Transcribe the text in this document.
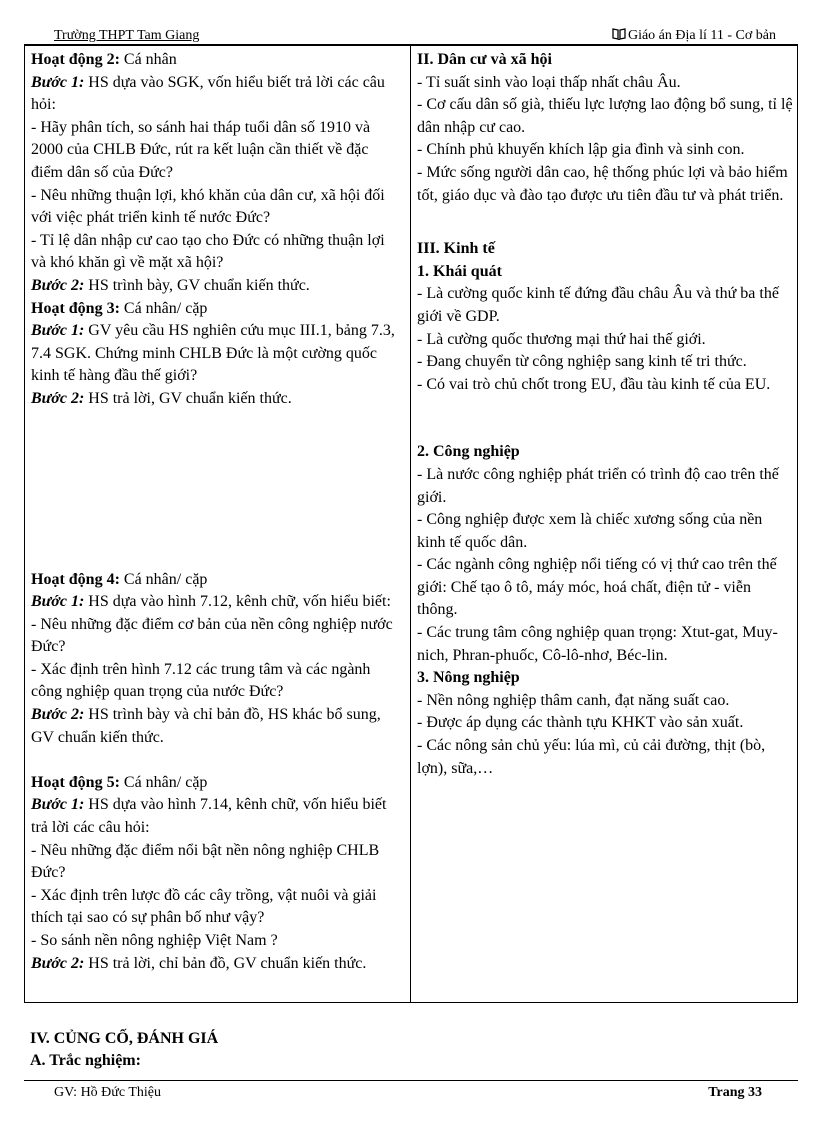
Trường THPT Tam Giang	Giáo án Địa lí 11 - Cơ bản

Hoạt động 2: Cá nhân

Bước 1: HS dựa vào SGK, vốn hiểu biết trả lời các câu hỏi:

- Hãy phân tích, so sánh hai tháp tuổi dân số 1910 và 2000 của CHLB Đức, rút ra kết luận cần thiết về đặc điểm dân số của Đức?

- Nêu những thuận lợi, khó khăn của dân cư, xã hội đối với việc phát triển kinh tế nước Đức?

- Tỉ lệ dân nhập cư cao tạo cho Đức có những thuận lợi và khó khăn gì về mặt xã hội?

Bước 2: HS trình bày, GV chuẩn kiến thức.

Hoạt động 3: Cá nhân/ cặp

Bước 1: GV yêu cầu HS nghiên cứu mục III.1, bảng 7.3, 7.4 SGK. Chứng minh CHLB Đức là một cường quốc kinh tế hàng đầu thế giới?

Bước 2: HS trả lời, GV chuẩn kiến thức.

Hoạt động 4: Cá nhân/ cặp

Bước 1: HS dựa vào hình 7.12, kênh chữ, vốn hiểu biết:

- Nêu những đặc điểm cơ bản của nền công nghiệp nước Đức?

- Xác định trên hình 7.12 các trung tâm và các ngành công nghiệp quan trọng của nước Đức?

Bước 2: HS trình bày và chỉ bản đồ, HS khác bổ sung, GV chuẩn kiến thức.

Hoạt động 5: Cá nhân/ cặp

Bước 1: HS dựa vào hình 7.14, kênh chữ, vốn hiểu biết trả lời các câu hỏi:

- Nêu những đặc điểm nổi bật nền nông nghiệp CHLB Đức?

- Xác định trên lược đồ các cây trồng, vật nuôi và giải thích tại sao có sự phân bố như vậy?

- So sánh nền nông nghiệp Việt Nam ?

Bước 2: HS trả lời, chỉ bản đồ, GV chuẩn kiến thức.

II. Dân cư và xã hội

- Tỉ suất sinh vào loại thấp nhất châu Âu.

- Cơ cấu dân số già, thiếu lực lượng lao động bổ sung, tỉ lệ dân nhập cư cao.

- Chính phủ khuyến khích lập gia đình và sinh con.

- Mức sống người dân cao, hệ thống phúc lợi và bảo hiểm tốt, giáo dục và đào tạo được ưu tiên đầu tư và phát triển.

III. Kinh tế

1. Khái quát

- Là cường quốc kinh tế đứng đầu châu Âu và thứ ba thế giới về GDP.

- Là cường quốc thương mại thứ hai thế giới.

- Đang chuyển từ công nghiệp sang kinh tế tri thức.

- Có vai trò chủ chốt trong EU, đầu tàu kinh tế của EU.

2. Công nghiệp

- Là nước công nghiệp phát triển có trình độ cao trên thế giới.

- Công nghiệp được xem là chiếc xương sống của nền kinh tế quốc dân.

- Các ngành công nghiệp nổi tiếng có vị thứ cao trên thế giới: Chế tạo ô tô, máy móc, hoá chất, điện tử - viễn thông.

- Các trung tâm công nghiệp quan trọng: Xtut-gat, Muy-nich, Phran-phuốc, Cô-lô-nhơ, Béc-lin.

3. Nông nghiệp

- Nền nông nghiệp thâm canh, đạt năng suất cao.

- Được áp dụng các thành tựu KHKT vào sản xuất.

- Các nông sản chủ yếu: lúa mì, củ cải đường, thịt (bò, lợn), sữa,…

IV. CỦNG CỐ, ĐÁNH GIÁ

A. Trắc nghiệm:

GV: Hồ Đức Thiệu	Trang 33
